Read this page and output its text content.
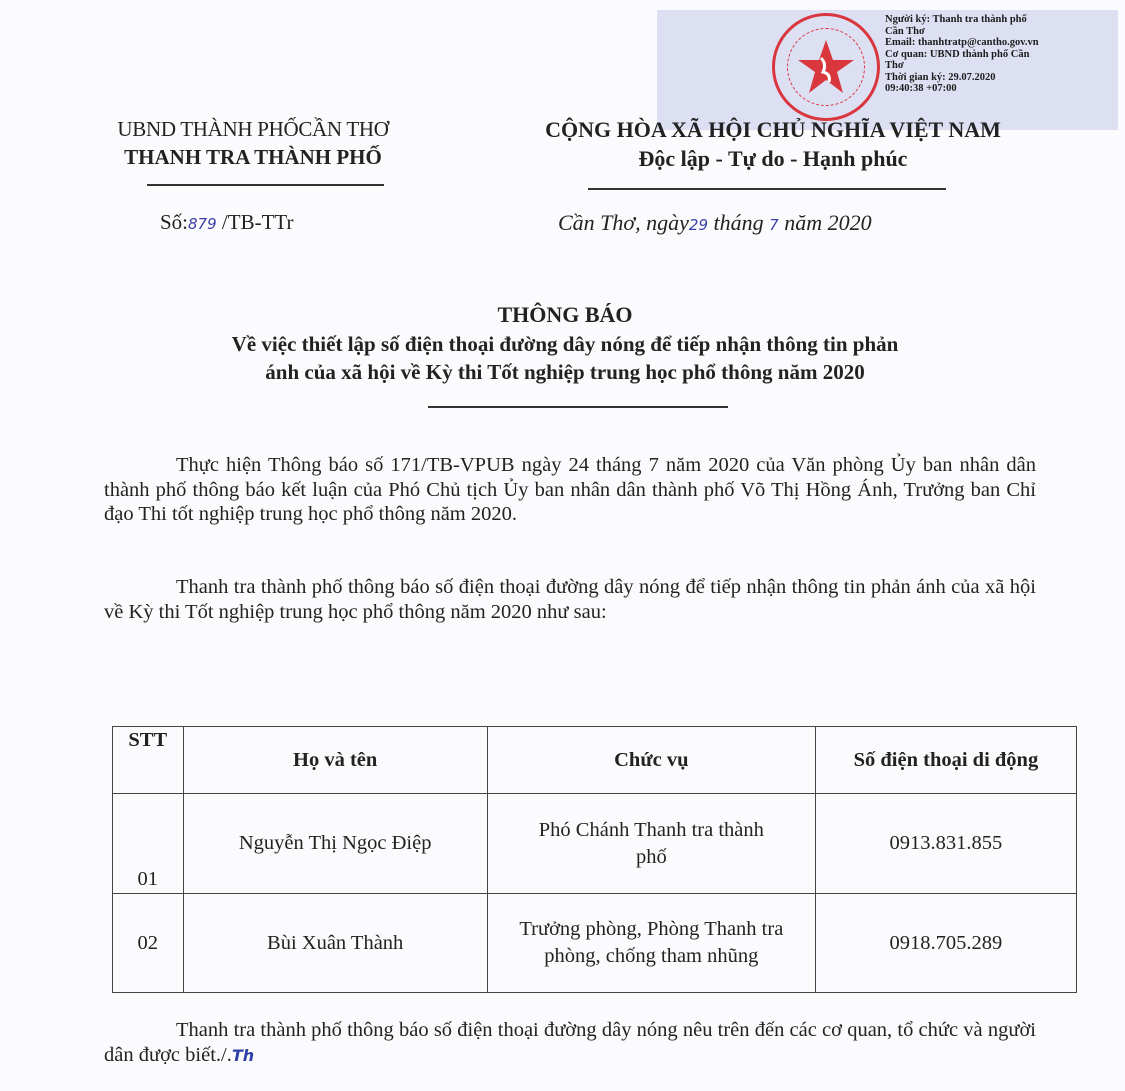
Người ký: Thanh tra thành phố
Cần Thơ
Email: thanhtratp@cantho.gov.vn
Cơ quan: UBND thành phố Cần
Thơ
Thời gian ký: 29.07.2020
09:40:38 +07:00
UBND THÀNH PHỐCẦN THƠ
THANH TRA THÀNH PHỐ
CỘNG HÒA XÃ HỘI CHỦ NGHĨA VIỆT NAM
Độc lập - Tự do - Hạnh phúc
Số:879 /TB-TTr	Cần Thơ, ngày29 tháng 7 năm 2020
THÔNG BÁO
Về việc thiết lập số điện thoại đường dây nóng để tiếp nhận thông tin phản
ánh của xã hội về Kỳ thi Tốt nghiệp trung học phổ thông năm 2020
Thực hiện Thông báo số 171/TB-VPUB ngày 24 tháng 7 năm 2020 của Văn phòng Ủy ban nhân dân thành phố thông báo kết luận của Phó Chủ tịch Ủy ban nhân dân thành phố Võ Thị Hồng Ánh, Trưởng ban Chỉ đạo Thi tốt nghiệp trung học phổ thông năm 2020.
Thanh tra thành phố thông báo số điện thoại đường dây nóng để tiếp nhận thông tin phản ánh của xã hội về Kỳ thi Tốt nghiệp trung học phổ thông năm 2020 như sau:
STT	Họ và tên	Chức vụ	Số điện thoại di động
01	Nguyễn Thị Ngọc Điệp	Phó Chánh Thanh tra thành phố	0913.831.855
02	Bùi Xuân Thành	Trưởng phòng, Phòng Thanh tra phòng, chống tham nhũng	0918.705.289
Thanh tra thành phố thông báo số điện thoại đường dây nóng nêu trên đến các cơ quan, tổ chức và người dân được biết./.Th
